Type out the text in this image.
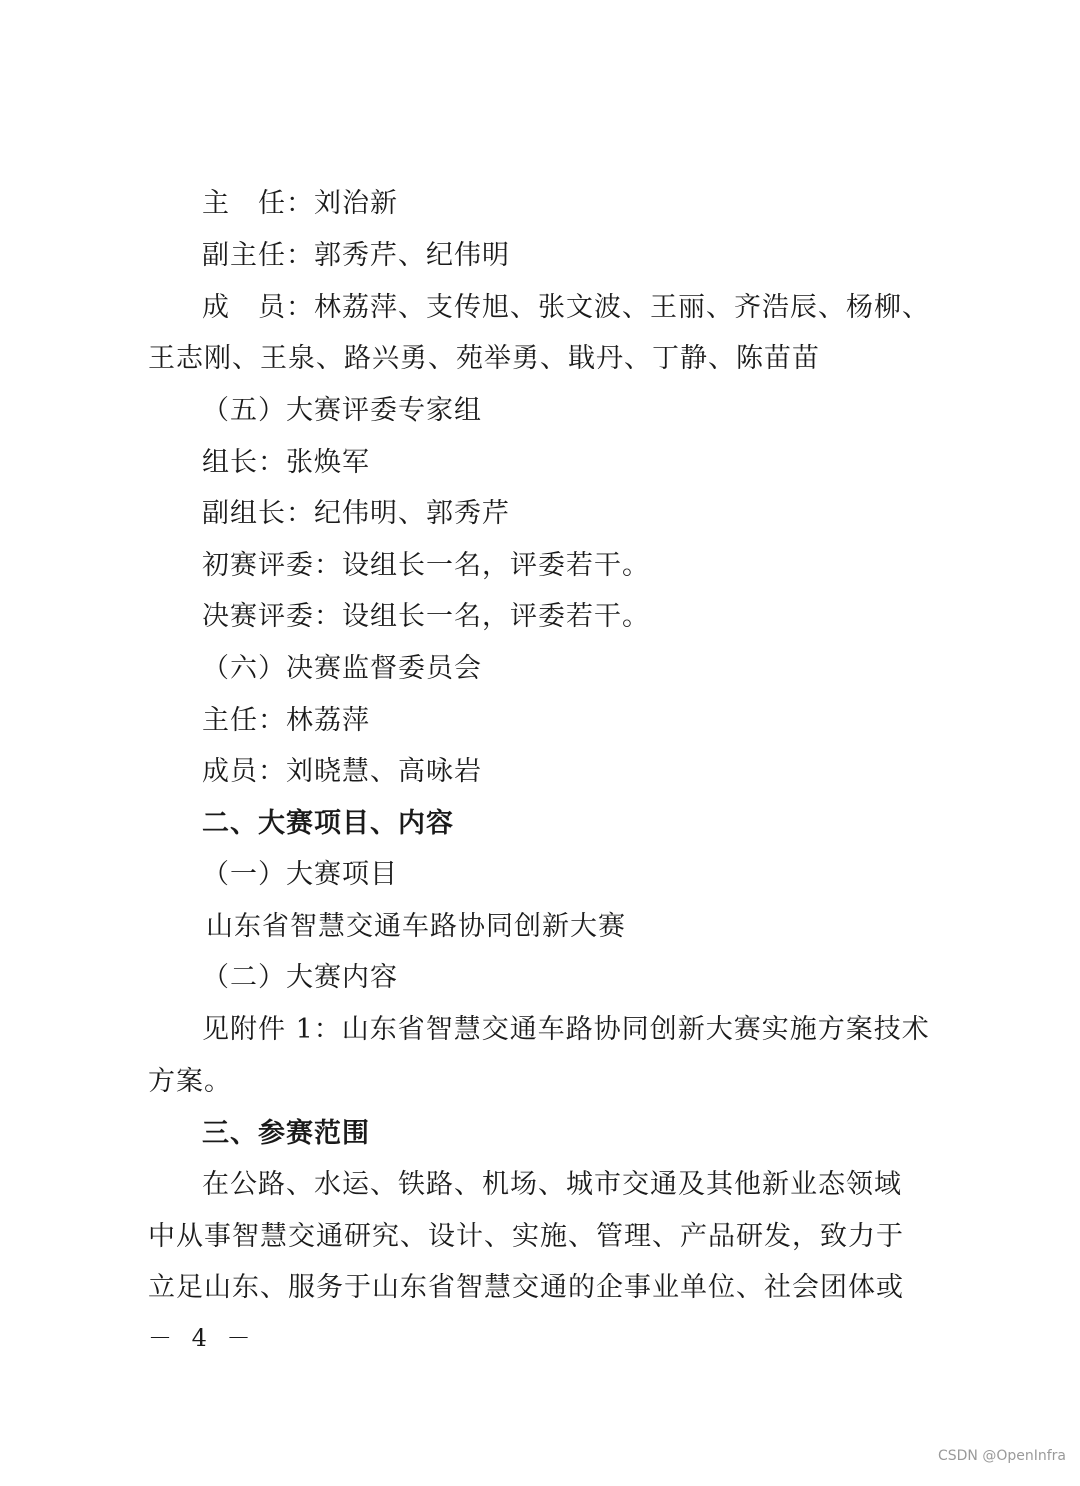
主　任：刘治新
副主任：郭秀芹、纪伟明
成　员：林荔萍、支传旭、张文波、王丽、齐浩辰、杨柳、
王志刚、王泉、路兴勇、苑举勇、戢丹、丁静、陈苗苗
（五）大赛评委专家组
组长：张焕军
副组长：纪伟明、郭秀芹
初赛评委：设组长一名，评委若干。
决赛评委：设组长一名，评委若干。
（六）决赛监督委员会
主任：林荔萍
成员：刘晓慧、高咏岩
二、大赛项目、内容
（一）大赛项目
山东省智慧交通车路协同创新大赛
（二）大赛内容
见附件 1：山东省智慧交通车路协同创新大赛实施方案技术
方案。
三、参赛范围
在公路、水运、铁路、机场、城市交通及其他新业态领域
中从事智慧交通研究、设计、实施、管理、产品研发，致力于
立足山东、服务于山东省智慧交通的企事业单位、社会团体或
－ 4 －
CSDN @OpenInfra
